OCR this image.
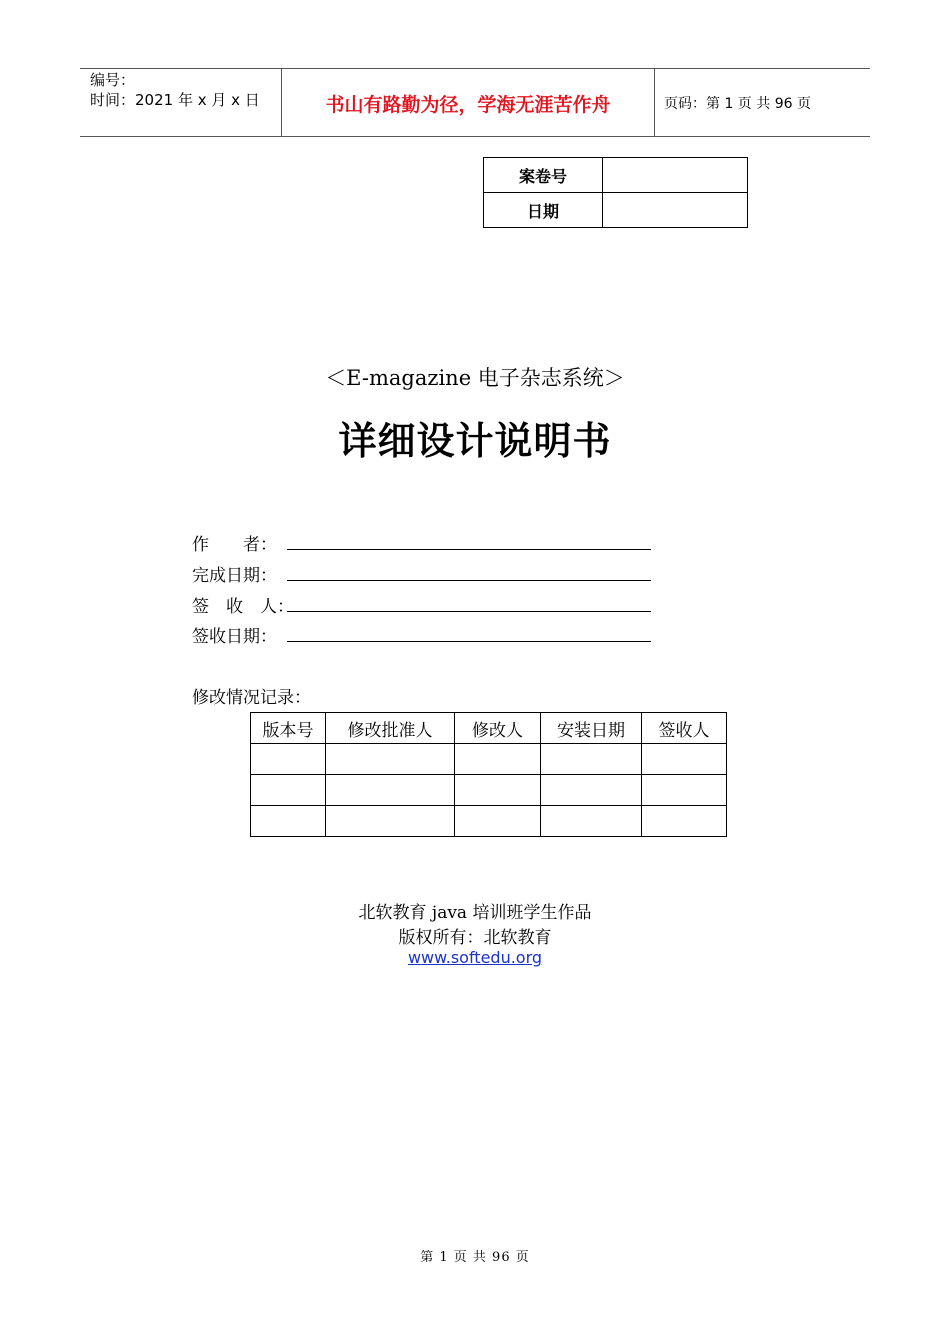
编号：
时间：2021 年 x 月 x 日	书山有路勤为径，学海无涯苦作舟	页码：第 1 页 共 96 页
案卷号	
日期	
＜E-magazine 电子杂志系统＞
详细设计说明书
作　　者：
完成日期：
签　收　人：
签收日期：
修改情况记录：
版本号	修改批准人	修改人	安装日期	签收人

北软教育 java 培训班学生作品
版权所有：北软教育
www.softedu.org
第 1 页 共 96 页
